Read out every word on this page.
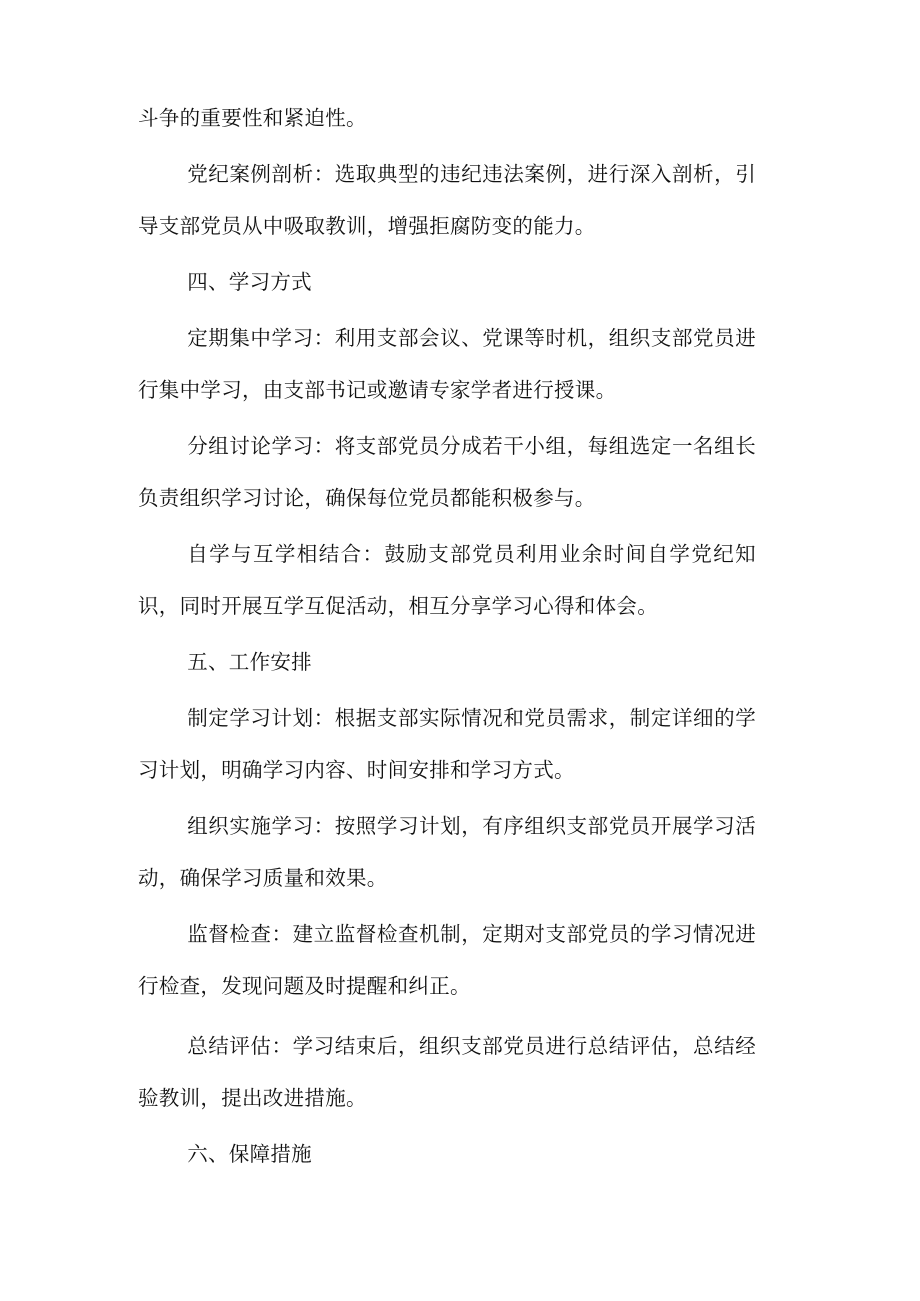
斗争的重要性和紧迫性。

党纪案例剖析：选取典型的违纪违法案例，进行深入剖析，引导支部党员从中吸取教训，增强拒腐防变的能力。

四、学习方式

定期集中学习：利用支部会议、党课等时机，组织支部党员进行集中学习，由支部书记或邀请专家学者进行授课。

分组讨论学习：将支部党员分成若干小组，每组选定一名组长负责组织学习讨论，确保每位党员都能积极参与。

自学与互学相结合：鼓励支部党员利用业余时间自学党纪知识，同时开展互学互促活动，相互分享学习心得和体会。

五、工作安排

制定学习计划：根据支部实际情况和党员需求，制定详细的学习计划，明确学习内容、时间安排和学习方式。

组织实施学习：按照学习计划，有序组织支部党员开展学习活动，确保学习质量和效果。

监督检查：建立监督检查机制，定期对支部党员的学习情况进行检查，发现问题及时提醒和纠正。

总结评估：学习结束后，组织支部党员进行总结评估，总结经验教训，提出改进措施。

六、保障措施
